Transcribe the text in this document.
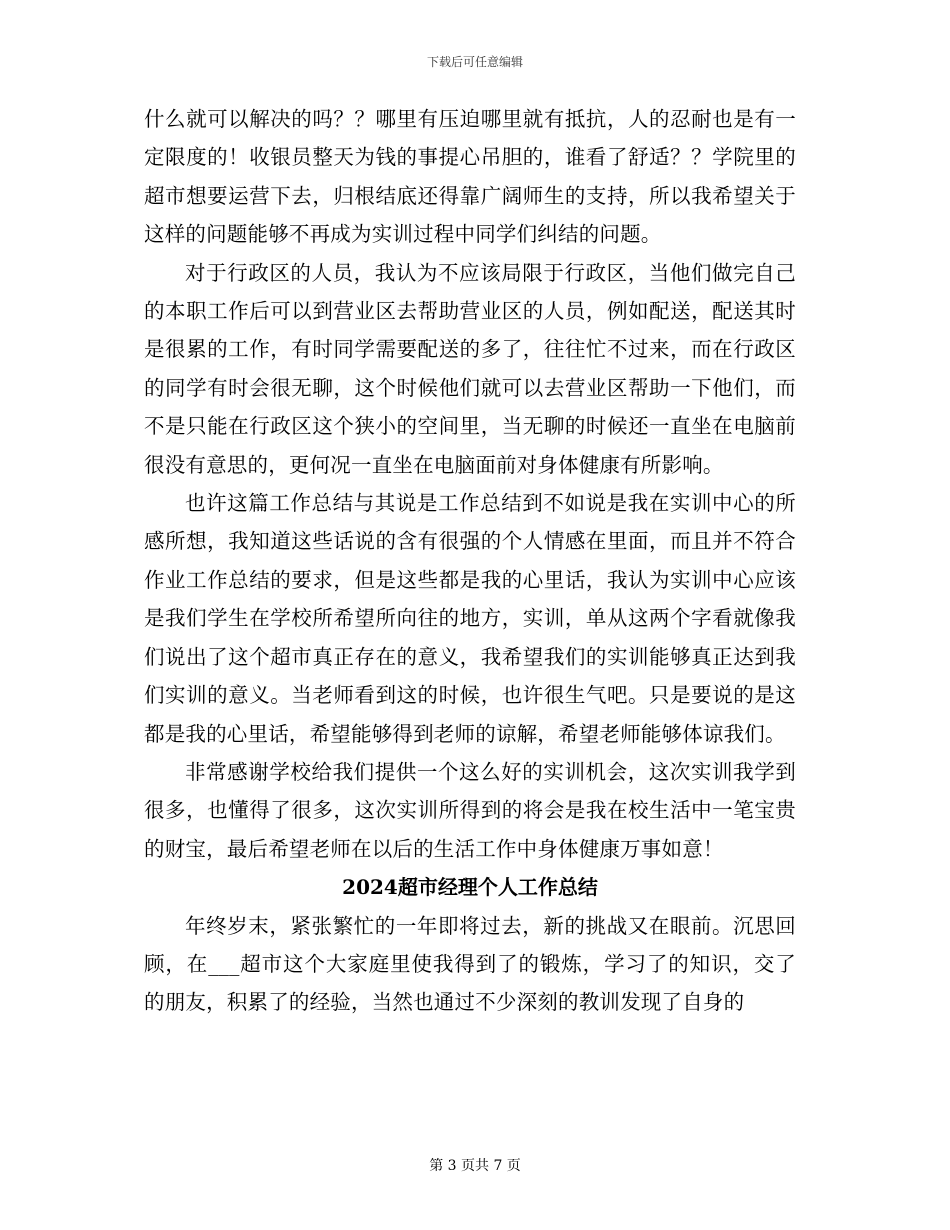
下载后可任意编辑

什么就可以解决的吗？？哪里有压迫哪里就有抵抗，人的忍耐也是有一定限度的！收银员整天为钱的事提心吊胆的，谁看了舒适？？学院里的超市想要运营下去，归根结底还得靠广阔师生的支持，所以我希望关于这样的问题能够不再成为实训过程中同学们纠结的问题。

对于行政区的人员，我认为不应该局限于行政区，当他们做完自己的本职工作后可以到营业区去帮助营业区的人员，例如配送，配送其时是很累的工作，有时同学需要配送的多了，往往忙不过来，而在行政区的同学有时会很无聊，这个时候他们就可以去营业区帮助一下他们，而不是只能在行政区这个狭小的空间里，当无聊的时候还一直坐在电脑前很没有意思的，更何况一直坐在电脑面前对身体健康有所影响。

也许这篇工作总结与其说是工作总结到不如说是我在实训中心的所感所想，我知道这些话说的含有很强的个人情感在里面，而且并不符合作业工作总结的要求，但是这些都是我的心里话，我认为实训中心应该是我们学生在学校所希望所向往的地方，实训，单从这两个字看就像我们说出了这个超市真正存在的意义，我希望我们的实训能够真正达到我们实训的意义。当老师看到这的时候，也许很生气吧。只是要说的是这都是我的心里话，希望能够得到老师的谅解，希望老师能够体谅我们。

非常感谢学校给我们提供一个这么好的实训机会，这次实训我学到很多，也懂得了很多，这次实训所得到的将会是我在校生活中一笔宝贵的财宝，最后希望老师在以后的生活工作中身体健康万事如意！

2024超市经理个人工作总结

年终岁末，紧张繁忙的一年即将过去，新的挑战又在眼前。沉思回顾，在___超市这个大家庭里使我得到了的锻炼，学习了的知识，交了的朋友，积累了的经验，当然也通过不少深刻的教训发现了自身的

第 3 页共 7 页
